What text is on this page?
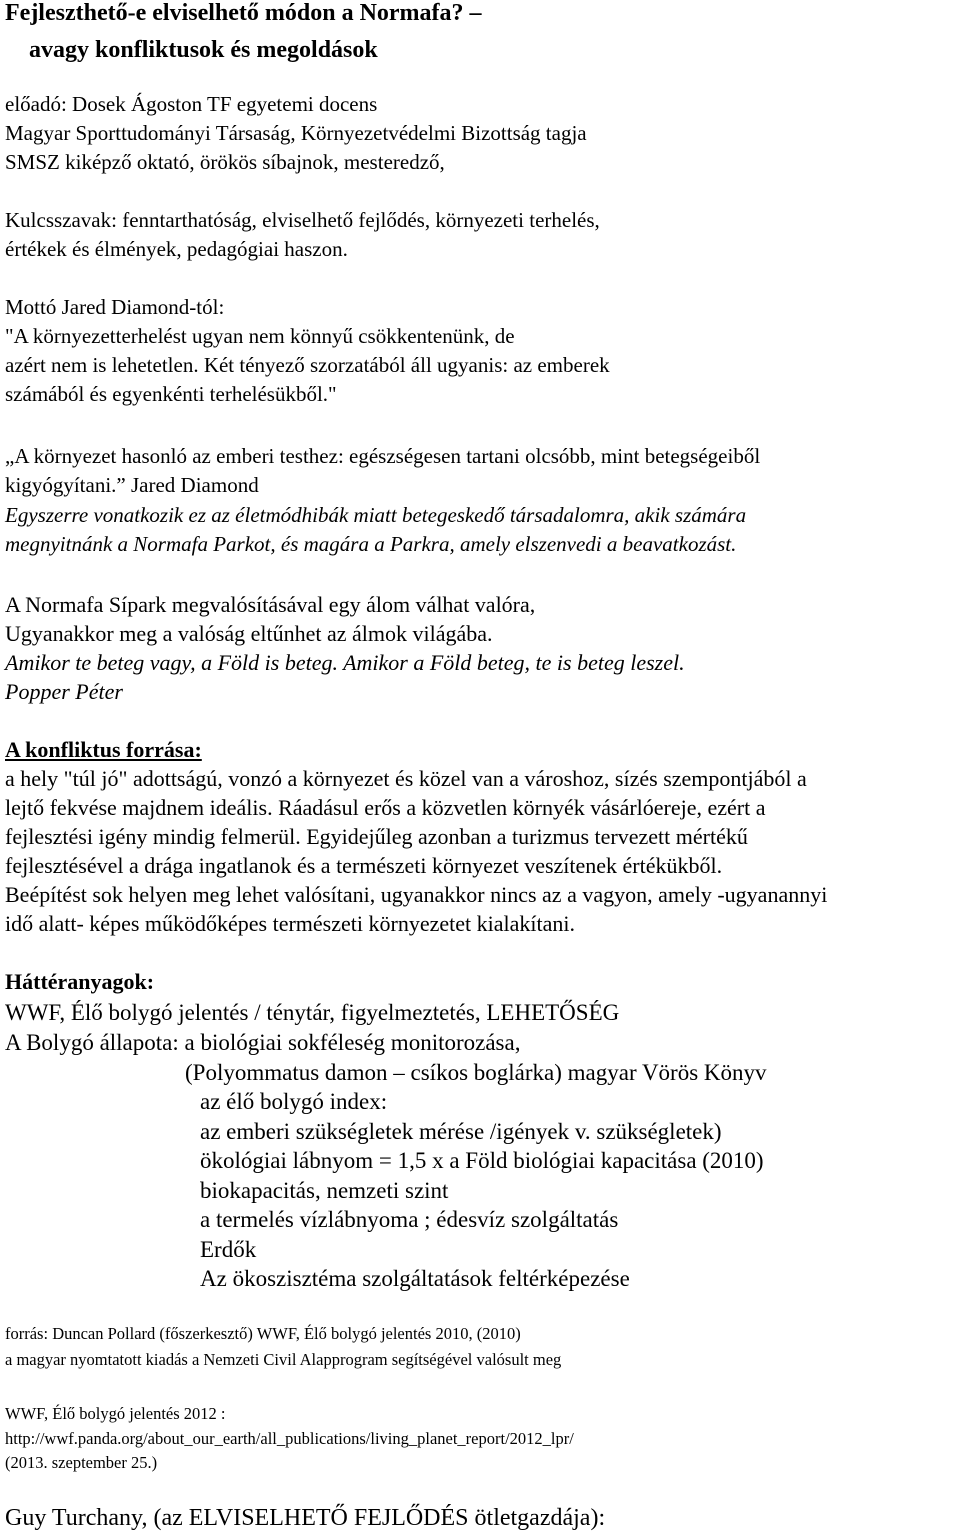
Fejleszthető-e elviselhető módon a Normafa? –
avagy konfliktusok és megoldások
előadó: Dosek Ágoston TF egyetemi docens
Magyar Sporttudományi Társaság, Környezetvédelmi Bizottság tagja
SMSZ kiképző oktató, örökös síbajnok, mesteredző,
Kulcsszavak: fenntarthatóság, elviselhető fejlődés, környezeti terhelés,
értékek és élmények, pedagógiai haszon.
Mottó Jared Diamond-tól:
"A környezetterhelést ugyan nem könnyű csökkentenünk, de
azért nem is lehetetlen. Két tényező szorzatából áll ugyanis: az emberek
számából és egyenkénti terhelésükből."
„A környezet hasonló az emberi testhez: egészségesen tartani olcsóbb, mint betegségeiből
kigyógyítani.” Jared Diamond
Egyszerre vonatkozik ez az életmódhibák miatt betegeskedő társadalomra, akik számára
megnyitnánk a Normafa Parkot, és magára a Parkra, amely elszenvedi a beavatkozást.
A Normafa Sípark megvalósításával egy álom válhat valóra,
Ugyanakkor meg a valóság eltűnhet az álmok világába.
Amikor te beteg vagy, a Föld is beteg. Amikor a Föld beteg, te is beteg leszel.
Popper Péter
A konfliktus forrása:
a hely "túl jó" adottságú, vonzó a környezet és közel van a városhoz, sízés szempontjából a
lejtő fekvése majdnem ideális. Ráadásul erős a közvetlen környék vásárlóereje, ezért a
fejlesztési igény mindig felmerül. Egyidejűleg azonban a turizmus tervezett mértékű
fejlesztésével a drága ingatlanok és a természeti környezet veszítenek értékükből.
Beépítést sok helyen meg lehet valósítani, ugyanakkor nincs az a vagyon, amely -ugyanannyi
idő alatt- képes működőképes természeti környezetet kialakítani.
Háttéranyagok:
WWF, Élő bolygó jelentés / ténytár, figyelmeztetés, LEHETŐSÉG
A Bolygó állapota: a biológiai sokféleség monitorozása,
(Polyommatus damon – csíkos boglárka) magyar Vörös Könyv
az élő bolygó index:
az emberi szükségletek mérése /igények v. szükségletek)
ökológiai lábnyom = 1,5 x a Föld biológiai kapacitása (2010)
biokapacitás, nemzeti szint
a termelés vízlábnyoma ; édesvíz szolgáltatás
Erdők
Az ökoszisztéma szolgáltatások feltérképezése
forrás: Duncan Pollard (főszerkesztő) WWF, Élő bolygó jelentés 2010, (2010)
a magyar nyomtatott kiadás a Nemzeti Civil Alapprogram segítségével valósult meg
WWF, Élő bolygó jelentés 2012 :
http://wwf.panda.org/about_our_earth/all_publications/living_planet_report/2012_lpr/
(2013. szeptember 25.)
Guy Turchany, (az ELVISELHETŐ FEJLŐDÉS ötletgazdája):
